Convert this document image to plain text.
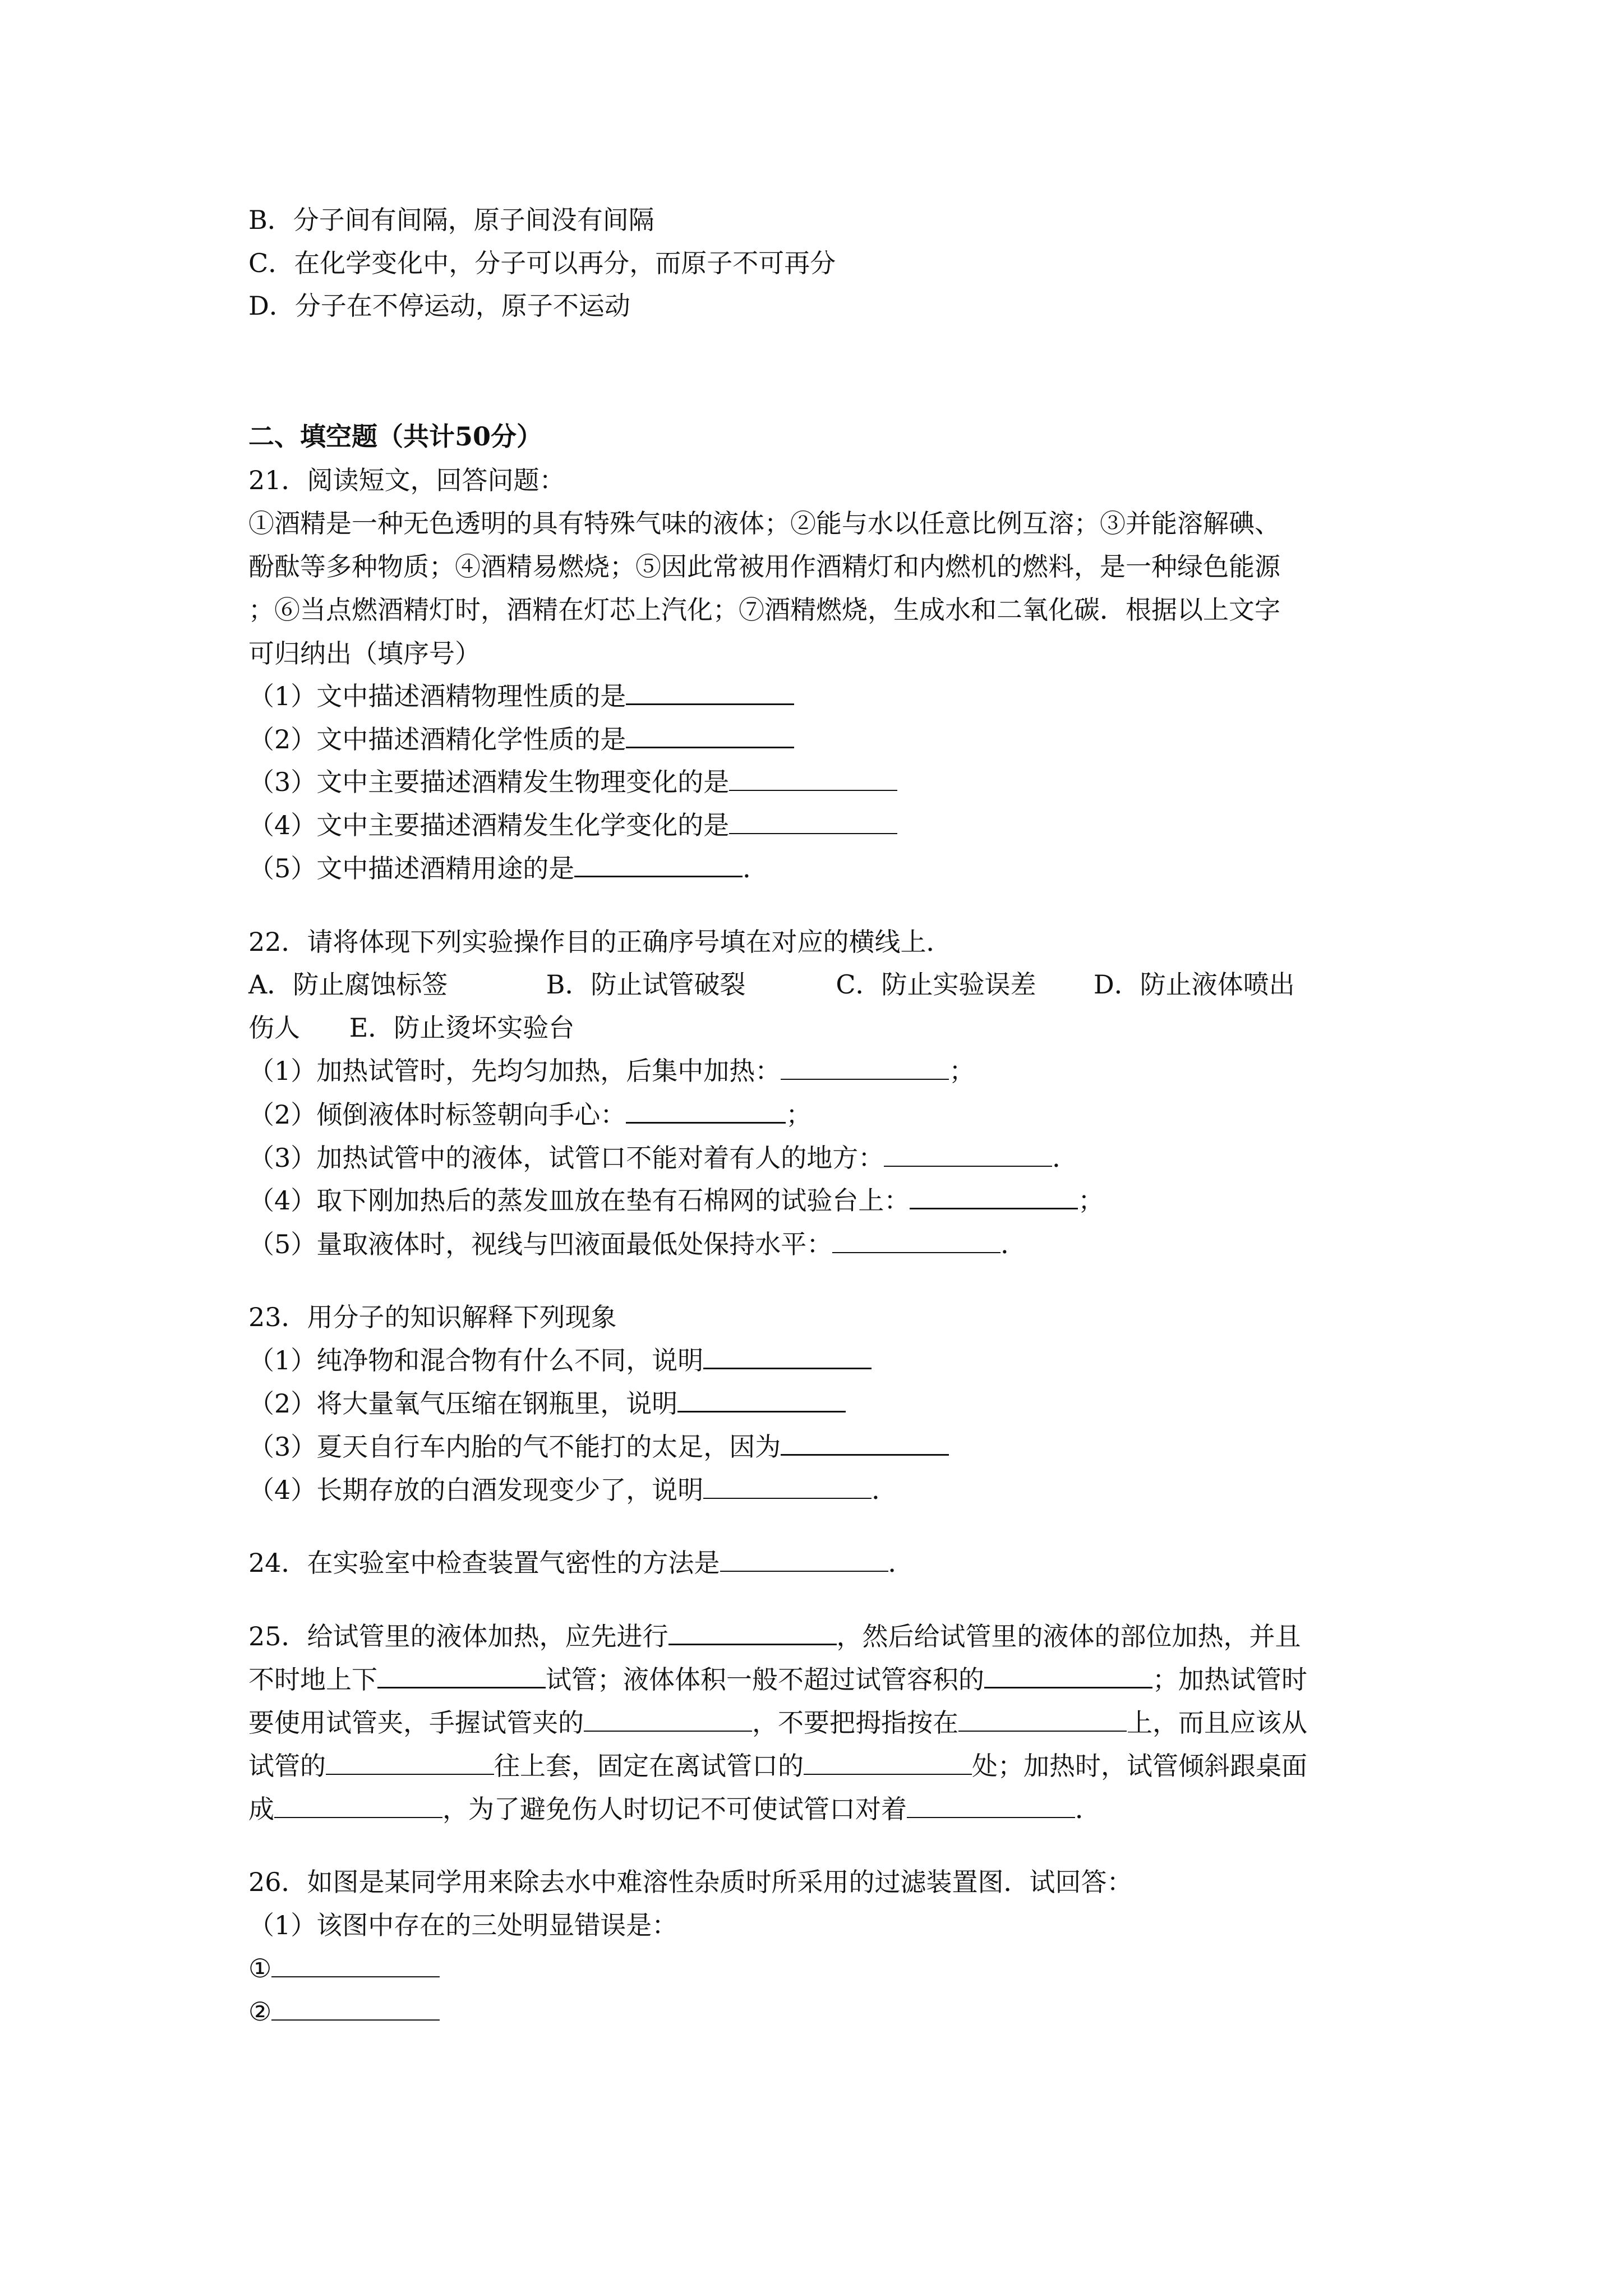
B．分子间有间隔，原子间没有间隔
C．在化学变化中，分子可以再分，而原子不可再分
D．分子在不停运动，原子不运动
二、填空题（共计50分）
21．阅读短文，回答问题：
①酒精是一种无色透明的具有特殊气味的液体；②能与水以任意比例互溶；③并能溶解碘、
酚酞等多种物质；④酒精易燃烧；⑤因此常被用作酒精灯和内燃机的燃料，是一种绿色能源
；⑥当点燃酒精灯时，酒精在灯芯上汽化；⑦酒精燃烧，生成水和二氧化碳．根据以上文字
可归纳出（填序号）
（1）文中描述酒精物理性质的是
（2）文中描述酒精化学性质的是
（3）文中主要描述酒精发生物理变化的是
（4）文中主要描述酒精发生化学变化的是
（5）文中描述酒精用途的是	．
22．请将体现下列实验操作目的正确序号填在对应的横线上．
A．防止腐蚀标签            B．防止试管破裂           C．防止实验误差       D．防止液体喷出
伤人      E．防止烫坏实验台
（1）加热试管时，先均匀加热，后集中加热：	；
（2）倾倒液体时标签朝向手心：	；
（3）加热试管中的液体，试管口不能对着有人的地方：	．
（4）取下刚加热后的蒸发皿放在垫有石棉网的试验台上：	；
（5）量取液体时，视线与凹液面最低处保持水平：	．
23．用分子的知识解释下列现象
（1）纯净物和混合物有什么不同，说明
（2）将大量氧气压缩在钢瓶里，说明
（3）夏天自行车内胎的气不能打的太足，因为
（4）长期存放的白酒发现变少了，说明	．
24．在实验室中检查装置气密性的方法是	．
25．给试管里的液体加热，应先进行	，然后给试管里的液体的部位加热，并且
不时地上下	试管；液体体积一般不超过试管容积的	；加热试管时
要使用试管夹，手握试管夹的	，不要把拇指按在	上，而且应该从
试管的	往上套，固定在离试管口的	处；加热时，试管倾斜跟桌面
成	，为了避免伤人时切记不可使试管口对着	．
26．如图是某同学用来除去水中难溶性杂质时所采用的过滤装置图．试回答：
（1）该图中存在的三处明显错误是：
①
②
